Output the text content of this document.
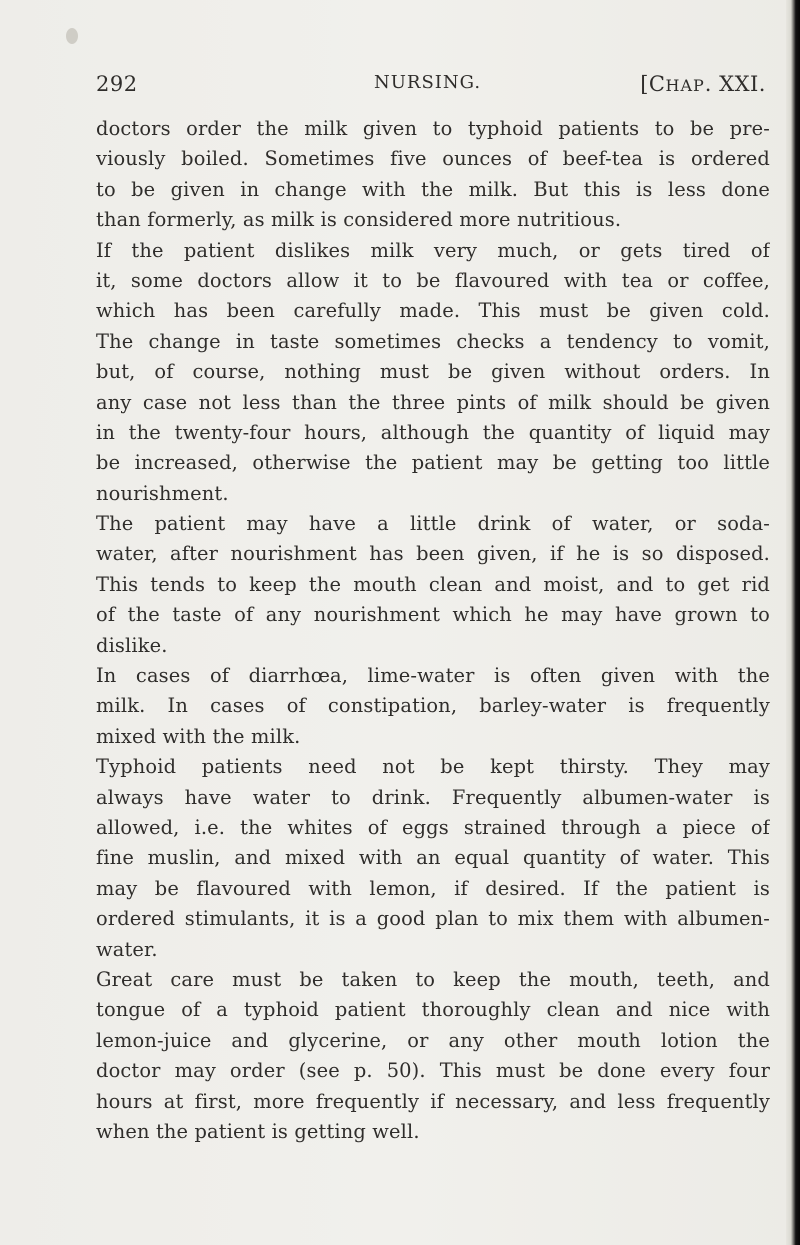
292	NURSING.	[CHAP. XXI.
doctors order the milk given to typhoid patients to be pre-
viously boiled. Sometimes five ounces of beef-tea is ordered
to be given in change with the milk. But this is less done
than formerly, as milk is considered more nutritious.
If the patient dislikes milk very much, or gets tired of
it, some doctors allow it to be flavoured with tea or coffee,
which has been carefully made. This must be given cold.
The change in taste sometimes checks a tendency to vomit,
but, of course, nothing must be given without orders. In
any case not less than the three pints of milk should be given
in the twenty-four hours, although the quantity of liquid may
be increased, otherwise the patient may be getting too little
nourishment.
The patient may have a little drink of water, or soda-
water, after nourishment has been given, if he is so disposed.
This tends to keep the mouth clean and moist, and to get rid
of the taste of any nourishment which he may have grown to
dislike.
In cases of diarrhœa, lime-water is often given with the
milk. In cases of constipation, barley-water is frequently
mixed with the milk.
Typhoid patients need not be kept thirsty. They may
always have water to drink. Frequently albumen-water is
allowed, i.e. the whites of eggs strained through a piece of
fine muslin, and mixed with an equal quantity of water. This
may be flavoured with lemon, if desired. If the patient is
ordered stimulants, it is a good plan to mix them with albumen-
water.
Great care must be taken to keep the mouth, teeth, and
tongue of a typhoid patient thoroughly clean and nice with
lemon-juice and glycerine, or any other mouth lotion the
doctor may order (see p. 50). This must be done every four
hours at first, more frequently if necessary, and less frequently
when the patient is getting well.
